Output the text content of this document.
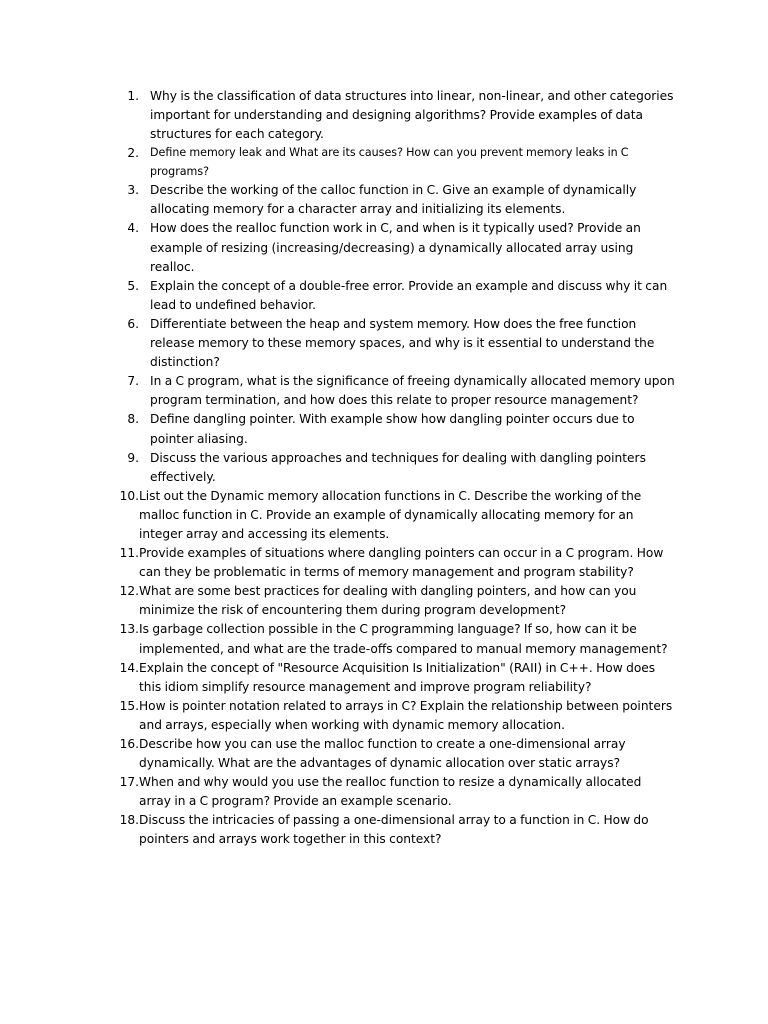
1. Why is the classification of data structures into linear, non-linear, and other categories important for understanding and designing algorithms? Provide examples of data structures for each category.
2. Define memory leak and What are its causes? How can you prevent memory leaks in C programs?
3. Describe the working of the calloc function in C. Give an example of dynamically allocating memory for a character array and initializing its elements.
4. How does the realloc function work in C, and when is it typically used? Provide an example of resizing (increasing/decreasing) a dynamically allocated array using realloc.
5. Explain the concept of a double-free error. Provide an example and discuss why it can lead to undefined behavior.
6. Differentiate between the heap and system memory. How does the free function release memory to these memory spaces, and why is it essential to understand the distinction?
7. In a C program, what is the significance of freeing dynamically allocated memory upon program termination, and how does this relate to proper resource management?
8. Define dangling pointer. With example show how dangling pointer occurs due to pointer aliasing.
9. Discuss the various approaches and techniques for dealing with dangling pointers effectively.
10. List out the Dynamic memory allocation functions in C. Describe the working of the malloc function in C. Provide an example of dynamically allocating memory for an integer array and accessing its elements.
11. Provide examples of situations where dangling pointers can occur in a C program. How can they be problematic in terms of memory management and program stability?
12. What are some best practices for dealing with dangling pointers, and how can you minimize the risk of encountering them during program development?
13. Is garbage collection possible in the C programming language? If so, how can it be implemented, and what are the trade-offs compared to manual memory management?
14. Explain the concept of "Resource Acquisition Is Initialization" (RAII) in C++. How does this idiom simplify resource management and improve program reliability?
15. How is pointer notation related to arrays in C? Explain the relationship between pointers and arrays, especially when working with dynamic memory allocation.
16. Describe how you can use the malloc function to create a one-dimensional array dynamically. What are the advantages of dynamic allocation over static arrays?
17. When and why would you use the realloc function to resize a dynamically allocated array in a C program? Provide an example scenario.
18. Discuss the intricacies of passing a one-dimensional array to a function in C. How do pointers and arrays work together in this context?
